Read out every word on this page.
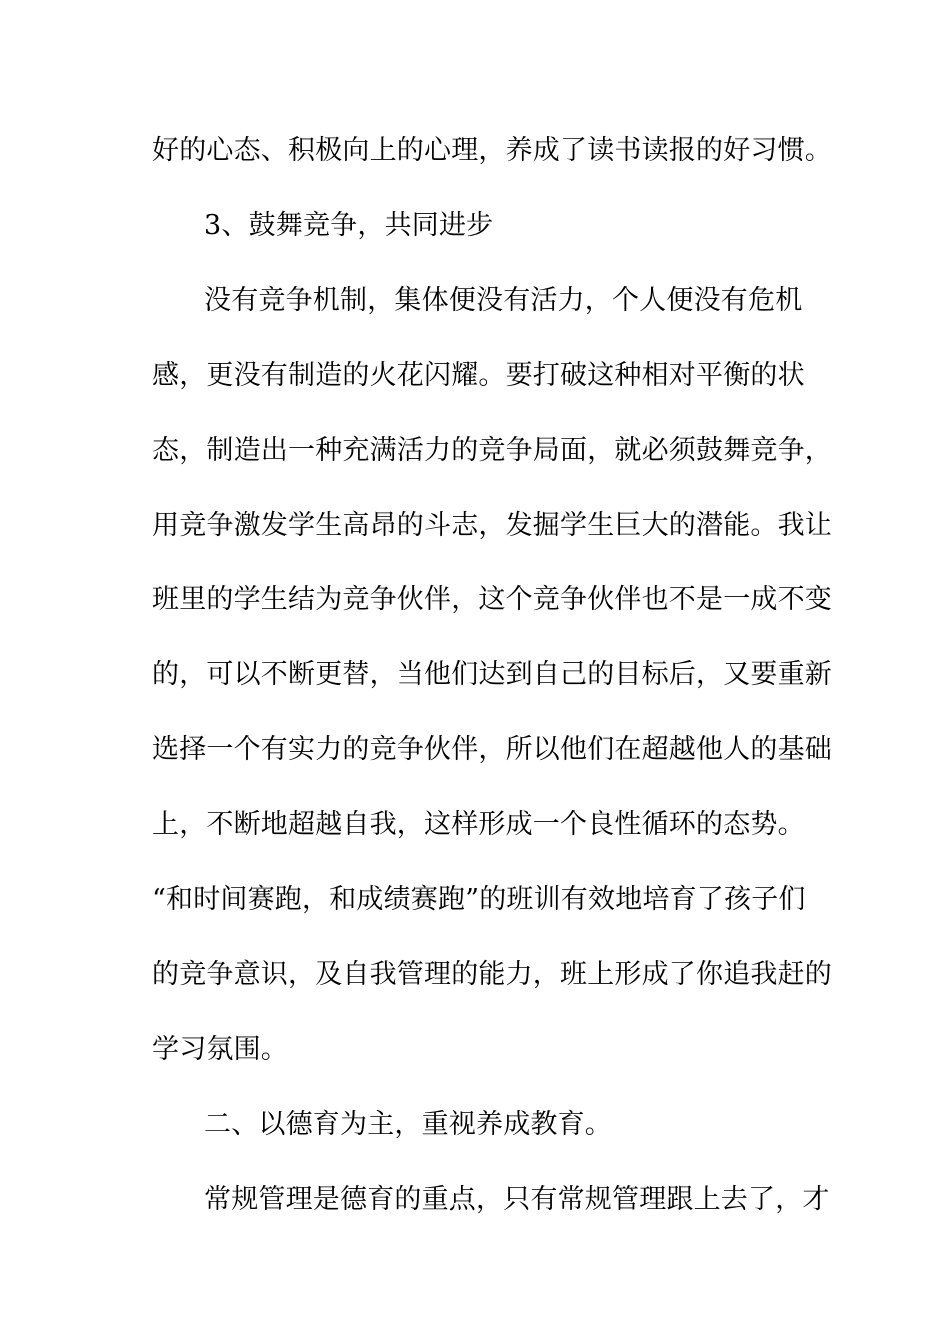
好的心态、积极向上的心理，养成了读书读报的好习惯。
3、鼓舞竞争，共同进步
没有竞争机制，集体便没有活力，个人便没有危机
感，更没有制造的火花闪耀。要打破这种相对平衡的状
态，制造出一种充满活力的竞争局面，就必须鼓舞竞争，
用竞争激发学生高昂的斗志，发掘学生巨大的潜能。我让
班里的学生结为竞争伙伴，这个竞争伙伴也不是一成不变
的，可以不断更替，当他们达到自己的目标后，又要重新
选择一个有实力的竞争伙伴，所以他们在超越他人的基础
上，不断地超越自我，这样形成一个良性循环的态势。
“和时间赛跑，和成绩赛跑”的班训有效地培育了孩子们
的竞争意识，及自我管理的能力，班上形成了你追我赶的
学习氛围。
二、以德育为主，重视养成教育。
常规管理是德育的重点，只有常规管理跟上去了，才
